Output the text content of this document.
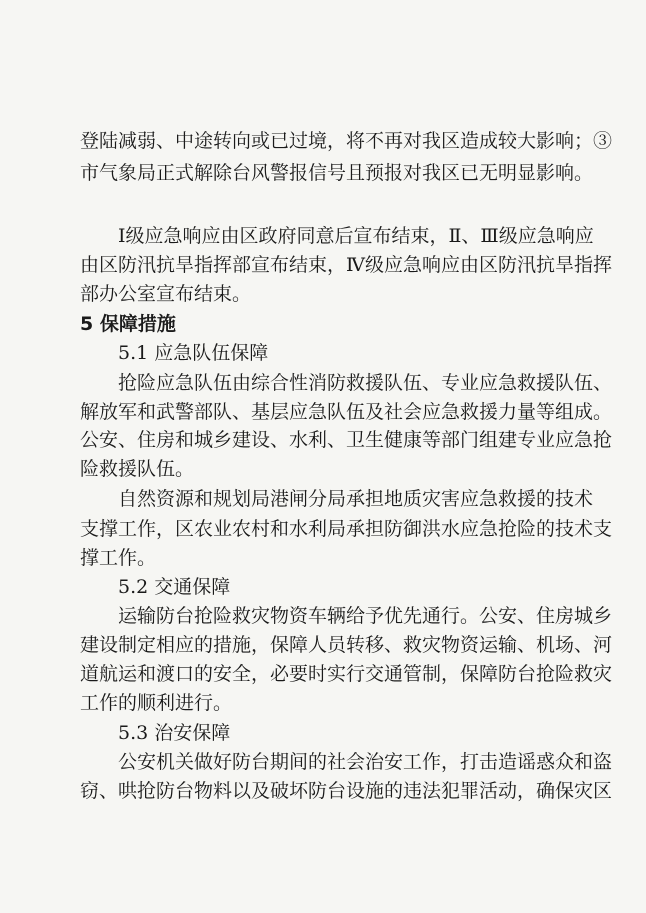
登陆减弱、中途转向或已过境，将不再对我区造成较大影响；③
市气象局正式解除台风警报信号且预报对我区已无明显影响。
Ⅰ级应急响应由区政府同意后宣布结束，Ⅱ、Ⅲ级应急响应
由区防汛抗旱指挥部宣布结束，Ⅳ级应急响应由区防汛抗旱指挥
部办公室宣布结束。
5 保障措施
5.1 应急队伍保障
抢险应急队伍由综合性消防救援队伍、专业应急救援队伍、
解放军和武警部队、基层应急队伍及社会应急救援力量等组成。
公安、住房和城乡建设、水利、卫生健康等部门组建专业应急抢
险救援队伍。
自然资源和规划局港闸分局承担地质灾害应急救援的技术
支撑工作，区农业农村和水利局承担防御洪水应急抢险的技术支
撑工作。
5.2 交通保障
运输防台抢险救灾物资车辆给予优先通行。公安、住房城乡
建设制定相应的措施，保障人员转移、救灾物资运输、机场、河
道航运和渡口的安全，必要时实行交通管制，保障防台抢险救灾
工作的顺利进行。
5.3 治安保障
公安机关做好防台期间的社会治安工作，打击造谣惑众和盗
窃、哄抢防台物料以及破坏防台设施的违法犯罪活动，确保灾区
